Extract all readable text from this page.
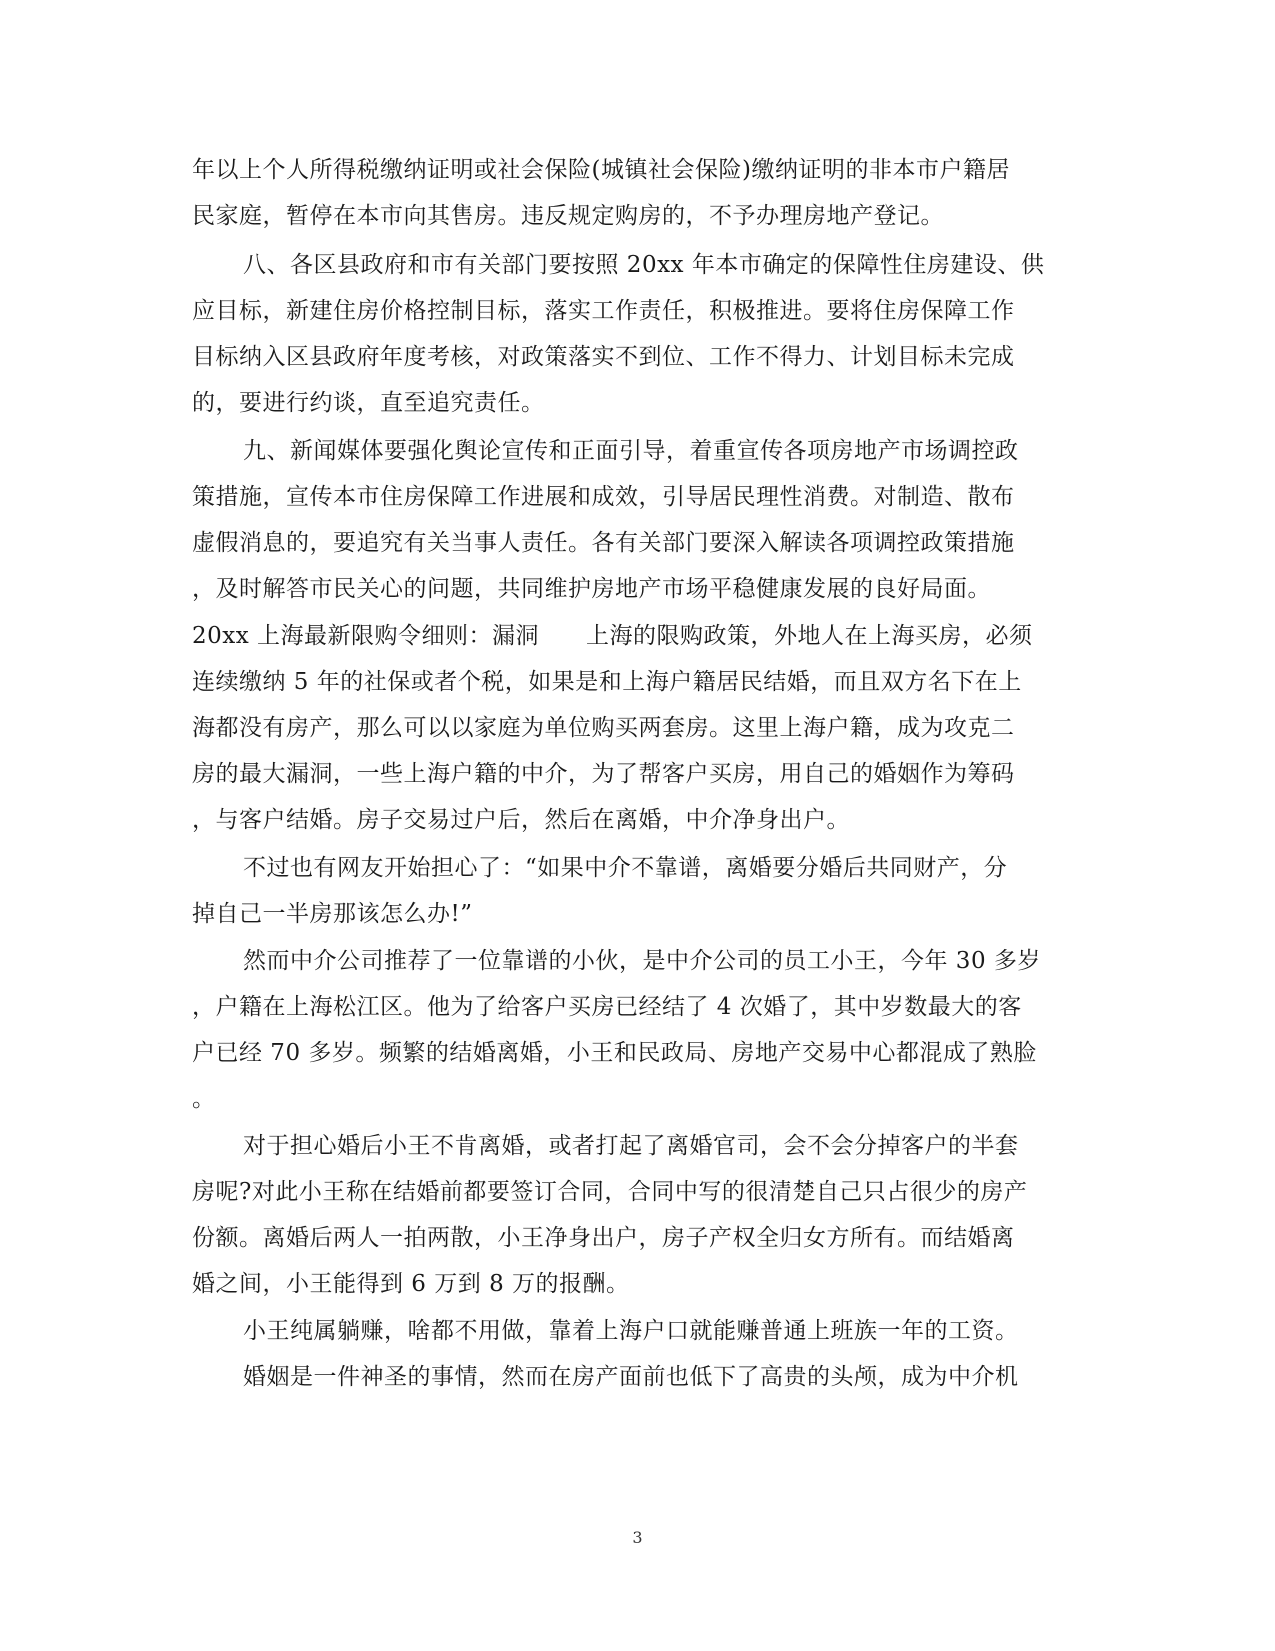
年以上个人所得税缴纳证明或社会保险(城镇社会保险)缴纳证明的非本市户籍居
民家庭，暂停在本市向其售房。违反规定购房的，不予办理房地产登记。
八、各区县政府和市有关部门要按照 20xx 年本市确定的保障性住房建设、供
应目标，新建住房价格控制目标，落实工作责任，积极推进。要将住房保障工作
目标纳入区县政府年度考核，对政策落实不到位、工作不得力、计划目标未完成
的，要进行约谈，直至追究责任。
九、新闻媒体要强化舆论宣传和正面引导，着重宣传各项房地产市场调控政
策措施，宣传本市住房保障工作进展和成效，引导居民理性消费。对制造、散布
虚假消息的，要追究有关当事人责任。各有关部门要深入解读各项调控政策措施
，及时解答市民关心的问题，共同维护房地产市场平稳健康发展的良好局面。
20xx 上海最新限购令细则：漏洞　　上海的限购政策，外地人在上海买房，必须
连续缴纳 5 年的社保或者个税，如果是和上海户籍居民结婚，而且双方名下在上
海都没有房产，那么可以以家庭为单位购买两套房。这里上海户籍，成为攻克二
房的最大漏洞，一些上海户籍的中介，为了帮客户买房，用自己的婚姻作为筹码
，与客户结婚。房子交易过户后，然后在离婚，中介净身出户。
不过也有网友开始担心了：“如果中介不靠谱，离婚要分婚后共同财产，分
掉自己一半房那该怎么办!”
然而中介公司推荐了一位靠谱的小伙，是中介公司的员工小王，今年 30 多岁
，户籍在上海松江区。他为了给客户买房已经结了 4 次婚了，其中岁数最大的客
户已经 70 多岁。频繁的结婚离婚，小王和民政局、房地产交易中心都混成了熟脸
。
对于担心婚后小王不肯离婚，或者打起了离婚官司，会不会分掉客户的半套
房呢?对此小王称在结婚前都要签订合同，合同中写的很清楚自己只占很少的房产
份额。离婚后两人一拍两散，小王净身出户，房子产权全归女方所有。而结婚离
婚之间，小王能得到 6 万到 8 万的报酬。
小王纯属躺赚，啥都不用做，靠着上海户口就能赚普通上班族一年的工资。
婚姻是一件神圣的事情，然而在房产面前也低下了高贵的头颅，成为中介机
3
